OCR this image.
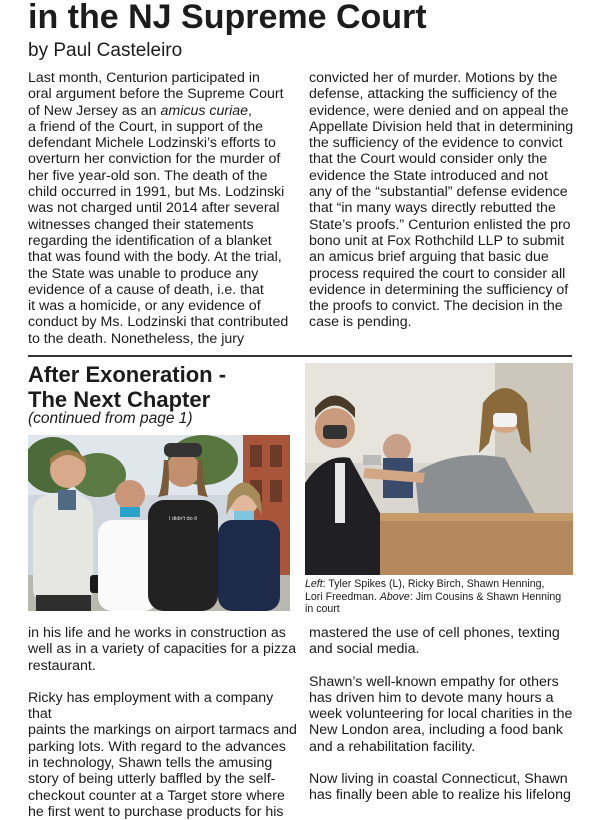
in the NJ Supreme Court
by Paul Casteleiro

Last month, Centurion participated in

oral argument before the Supreme Court

of New Jersey as an amicus curiae,

a friend of the Court, in support of the

defendant Michele Lodzinski’s efforts to

overturn her conviction for the murder of

her five year-old son. The death of the

child occurred in 1991, but Ms. Lodzinski

was not charged until 2014 after several

witnesses changed their statements

regarding the identification of a blanket

that was found with the body. At the trial,

the State was unable to produce any

evidence of a cause of death, i.e. that

it was a homicide, or any evidence of

conduct by Ms. Lodzinski that contributed

to the death. Nonetheless, the jury

convicted her of murder. Motions by the

defense, attacking the sufficiency of the

evidence, were denied and on appeal the

Appellate Division held that in determining

the sufficiency of the evidence to convict

that the Court would consider only the

evidence the State introduced and not

any of the “substantial” defense evidence

that “in many ways directly rebutted the

State’s proofs.” Centurion enlisted the pro

bono unit at Fox Rothchild LLP to submit

an amicus brief arguing that basic due

process required the court to consider all

evidence in determining the sufficiency of

the proofs to convict. The decision in the

case is pending.

After Exoneration -
The Next Chapter
(continued from page 1)
I didn't do it
Left: Tyler Spikes (L), Ricky Birch, Shawn Henning,
Lori Freedman. Above: Jim Cousins & Shawn Henning
in court

in his life and he works in construction as

well as in a variety of capacities for a pizza

restaurant.

Ricky has employment with a company that

paints the markings on airport tarmacs and

parking lots. With regard to the advances

in technology, Shawn tells the amusing

story of being utterly baffled by the self-

checkout counter at a Target store where

he first went to purchase products for his

mastered the use of cell phones, texting

and social media.

Shawn’s well-known empathy for others

has driven him to devote many hours a

week volunteering for local charities in the

New London area, including a food bank

and a rehabilitation facility.

Now living in coastal Connecticut, Shawn

has finally been able to realize his lifelong
